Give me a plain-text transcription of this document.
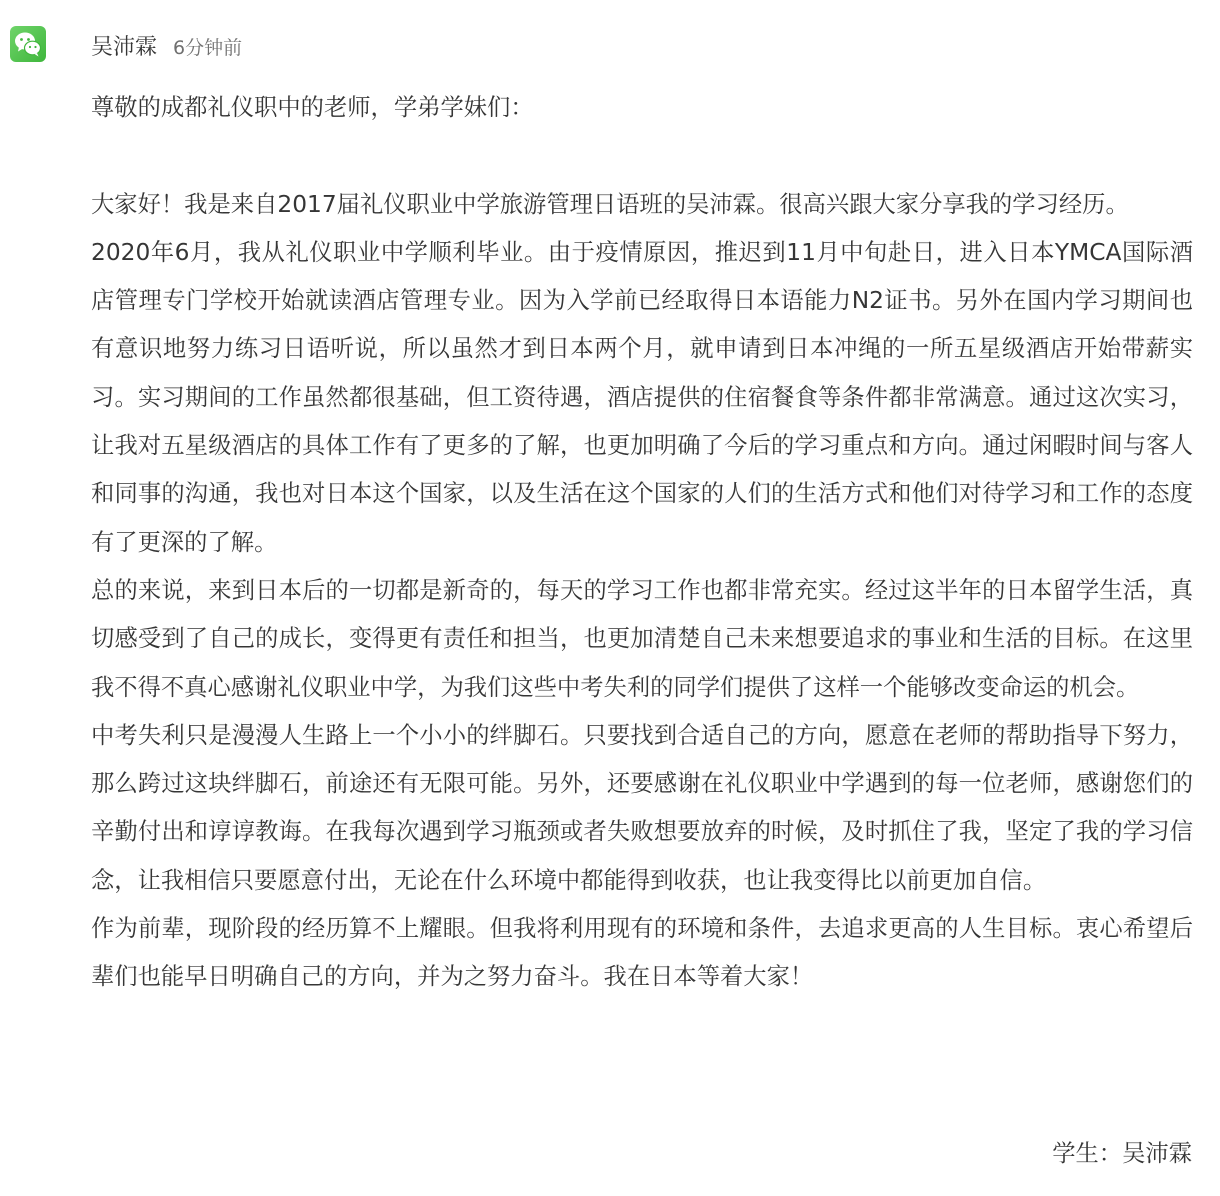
吴沛霖 6分钟前

尊敬的成都礼仪职中的老师，学弟学妹们：

大家好！我是来自2017届礼仪职业中学旅游管理日语班的吴沛霖。很高兴跟大家分享我的学习经历。

2020年6月，我从礼仪职业中学顺利毕业。由于疫情原因，推迟到11月中旬赴日，进入日本YMCA国际酒店管理专门学校开始就读酒店管理专业。因为入学前已经取得日本语能力N2证书。另外在国内学习期间也有意识地努力练习日语听说，所以虽然才到日本两个月，就申请到日本冲绳的一所五星级酒店开始带薪实习。实习期间的工作虽然都很基础，但工资待遇，酒店提供的住宿餐食等条件都非常满意。通过这次实习，让我对五星级酒店的具体工作有了更多的了解，也更加明确了今后的学习重点和方向。通过闲暇时间与客人和同事的沟通，我也对日本这个国家，以及生活在这个国家的人们的生活方式和他们对待学习和工作的态度有了更深的了解。

总的来说，来到日本后的一切都是新奇的，每天的学习工作也都非常充实。经过这半年的日本留学生活，真切感受到了自己的成长，变得更有责任和担当，也更加清楚自己未来想要追求的事业和生活的目标。在这里我不得不真心感谢礼仪职业中学，为我们这些中考失利的同学们提供了这样一个能够改变命运的机会。

中考失利只是漫漫人生路上一个小小的绊脚石。只要找到合适自己的方向，愿意在老师的帮助指导下努力，那么跨过这块绊脚石，前途还有无限可能。另外，还要感谢在礼仪职业中学遇到的每一位老师，感谢您们的辛勤付出和谆谆教诲。在我每次遇到学习瓶颈或者失败想要放弃的时候，及时抓住了我，坚定了我的学习信念，让我相信只要愿意付出，无论在什么环境中都能得到收获，也让我变得比以前更加自信。

作为前辈，现阶段的经历算不上耀眼。但我将利用现有的环境和条件，去追求更高的人生目标。衷心希望后辈们也能早日明确自己的方向，并为之努力奋斗。我在日本等着大家！

学生：吴沛霖
